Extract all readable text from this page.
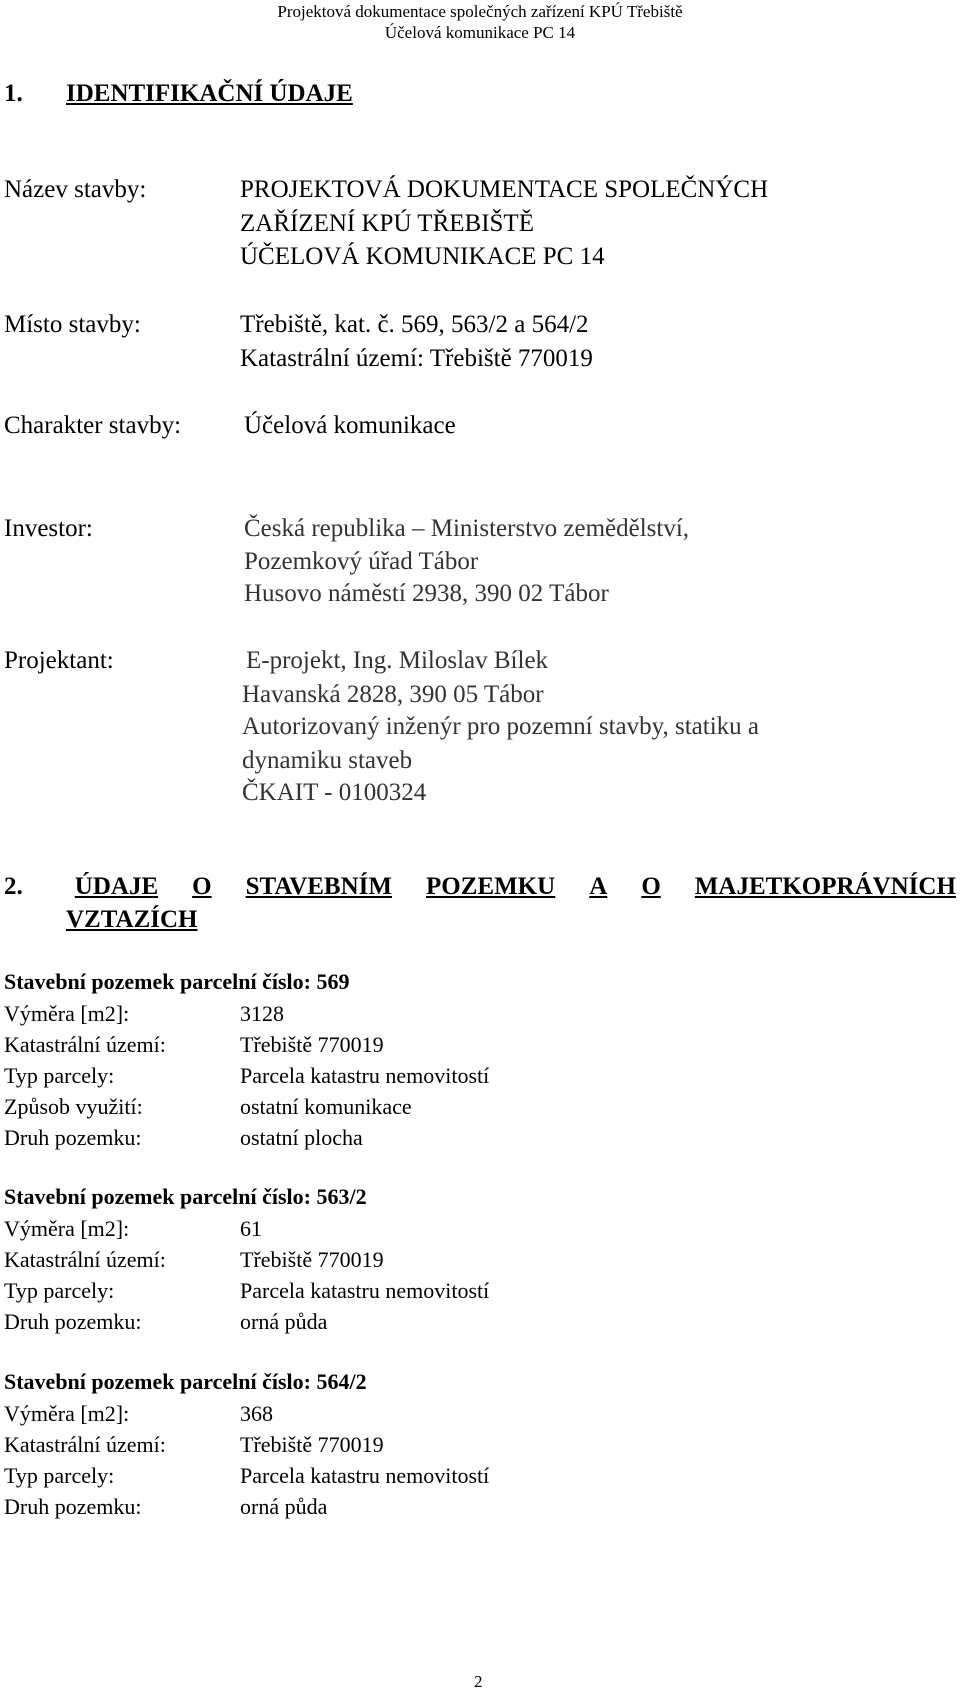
Projektová dokumentace společných zařízení KPÚ Třebiště
Účelová komunikace PC 14
1. IDENTIFIKAČNÍ ÚDAJE
Název stavby:	PROJEKTOVÁ DOKUMENTACE SPOLEČNÝCH
ZAŘÍZENÍ KPÚ TŘEBIŠTĚ
ÚČELOVÁ KOMUNIKACE PC 14
Místo stavby:	Třebiště, kat. č. 569, 563/2 a 564/2
Katastrální území: Třebiště 770019
Charakter stavby:	Účelová komunikace
Investor:	Česká republika – Ministerstvo zemědělství,
Pozemkový úřad Tábor
Husovo náměstí 2938, 390 02 Tábor
Projektant:	E-projekt, Ing. Miloslav Bílek
Havanská 2828, 390 05 Tábor
Autorizovaný inženýr pro pozemní stavby, statiku a
dynamiku staveb
ČKAIT - 0100324
2. ÚDAJE O STAVEBNÍM POZEMKU A O MAJETKOPRÁVNÍCH
VZTAZÍCH
Stavební pozemek parcelní číslo: 569
Výměra [m2]:	3128
Katastrální území:	Třebiště 770019
Typ parcely:	Parcela katastru nemovitostí
Způsob využití:	ostatní komunikace
Druh pozemku:	ostatní plocha
Stavební pozemek parcelní číslo: 563/2
Výměra [m2]:	61
Katastrální území:	Třebiště 770019
Typ parcely:	Parcela katastru nemovitostí
Druh pozemku:	orná půda
Stavební pozemek parcelní číslo: 564/2
Výměra [m2]:	368
Katastrální území:	Třebiště 770019
Typ parcely:	Parcela katastru nemovitostí
Druh pozemku:	orná půda
2
